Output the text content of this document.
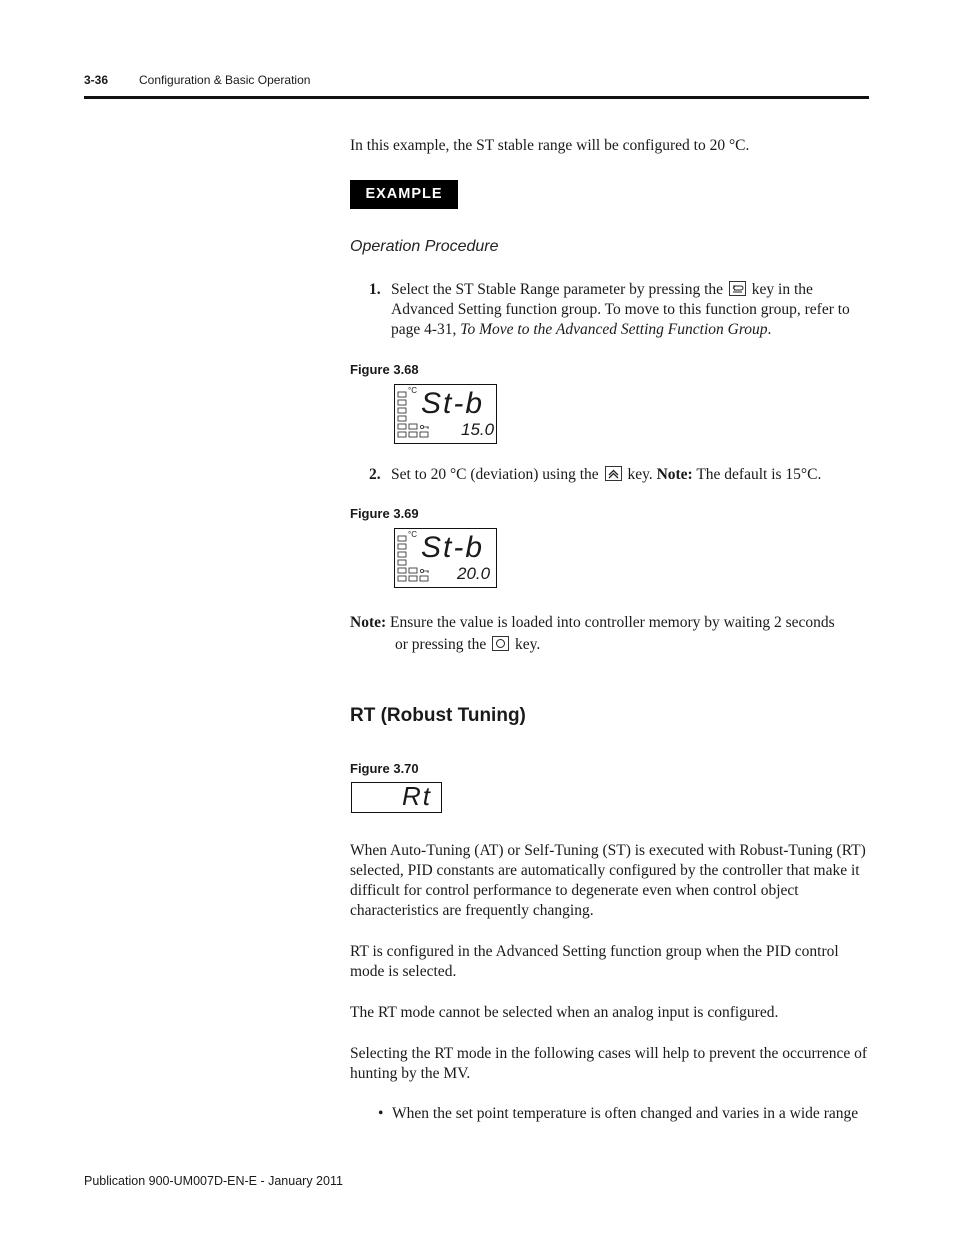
3-36	Configuration & Basic Operation
In this example, the ST stable range will be configured to 20 °C.
EXAMPLE
Operation Procedure
1. Select the ST Stable Range parameter by pressing the key in the Advanced Setting function group. To move to this function group, refer to page 4-31, To Move to the Advanced Setting Function Group.
Figure 3.68
°C St-b
15.0
2. Set to 20 °C (deviation) using the key. Note: The default is 15°C.
Figure 3.69
°C St-b
20.0
Note: Ensure the value is loaded into controller memory by waiting 2 seconds
or pressing the key.
RT (Robust Tuning)
Figure 3.70
Rt
When Auto-Tuning (AT) or Self-Tuning (ST) is executed with Robust-Tuning (RT) selected, PID constants are automatically configured by the controller that make it difficult for control performance to degenerate even when control object characteristics are frequently changing.
RT is configured in the Advanced Setting function group when the PID control mode is selected.
The RT mode cannot be selected when an analog input is configured.
Selecting the RT mode in the following cases will help to prevent the occurrence of hunting by the MV.
• When the set point temperature is often changed and varies in a wide range
Publication 900-UM007D-EN-E - January 2011
